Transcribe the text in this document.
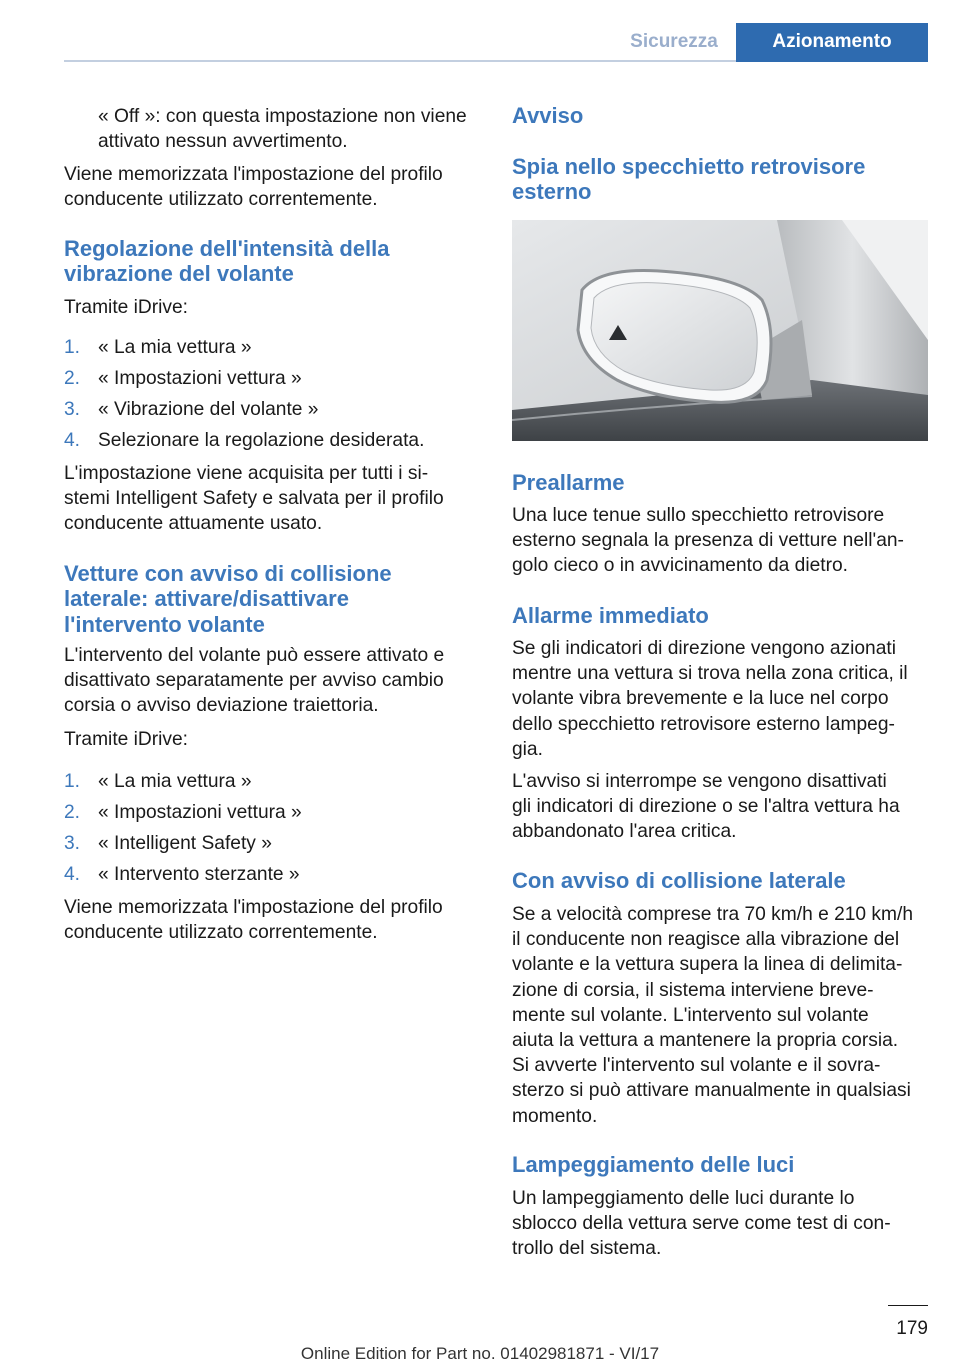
Sicurezza	Azionamento

« Off »: con questa impostazione non viene
attivato nessun avvertimento.

Viene memorizzata l'impostazione del profilo
conducente utilizzato correntemente.

Regolazione dell'intensità della
vibrazione del volante

Tramite iDrive:

1. « La mia vettura »
2. « Impostazioni vettura »
3. « Vibrazione del volante »
4. Selezionare la regolazione desiderata.

L'impostazione viene acquisita per tutti i si‐
stemi Intelligent Safety e salvata per il profilo
conducente attuamente usato.

Vetture con avviso di collisione
laterale: attivare/disattivare
l'intervento volante

L'intervento del volante può essere attivato e
disattivato separatamente per avviso cambio
corsia o avviso deviazione traiettoria.

Tramite iDrive:

1. « La mia vettura »
2. « Impostazioni vettura »
3. « Intelligent Safety »
4. « Intervento sterzante »

Viene memorizzata l'impostazione del profilo
conducente utilizzato correntemente.

Avviso
Spia nello specchietto retrovisore
esterno
Preallarme

Una luce tenue sullo specchietto retrovisore
esterno segnala la presenza di vetture nell'an‐
golo cieco o in avvicinamento da dietro.

Allarme immediato

Se gli indicatori di direzione vengono azionati
mentre una vettura si trova nella zona critica, il
volante vibra brevemente e la luce nel corpo
dello specchietto retrovisore esterno lampeg‐
gia.

L'avviso si interrompe se vengono disattivati
gli indicatori di direzione o se l'altra vettura ha
abbandonato l'area critica.

Con avviso di collisione laterale

Se a velocità comprese tra 70 km/h e 210 km/h
il conducente non reagisce alla vibrazione del
volante e la vettura supera la linea di delimita‐
zione di corsia, il sistema interviene breve‐
mente sul volante. L'intervento sul volante
aiuta la vettura a mantenere la propria corsia.
Si avverte l'intervento sul volante e il sovra‐
sterzo si può attivare manualmente in qualsiasi
momento.

Lampeggiamento delle luci

Un lampeggiamento delle luci durante lo
sblocco della vettura serve come test di con‐
trollo del sistema.

179
Online Edition for Part no. 01402981871 - VI/17
